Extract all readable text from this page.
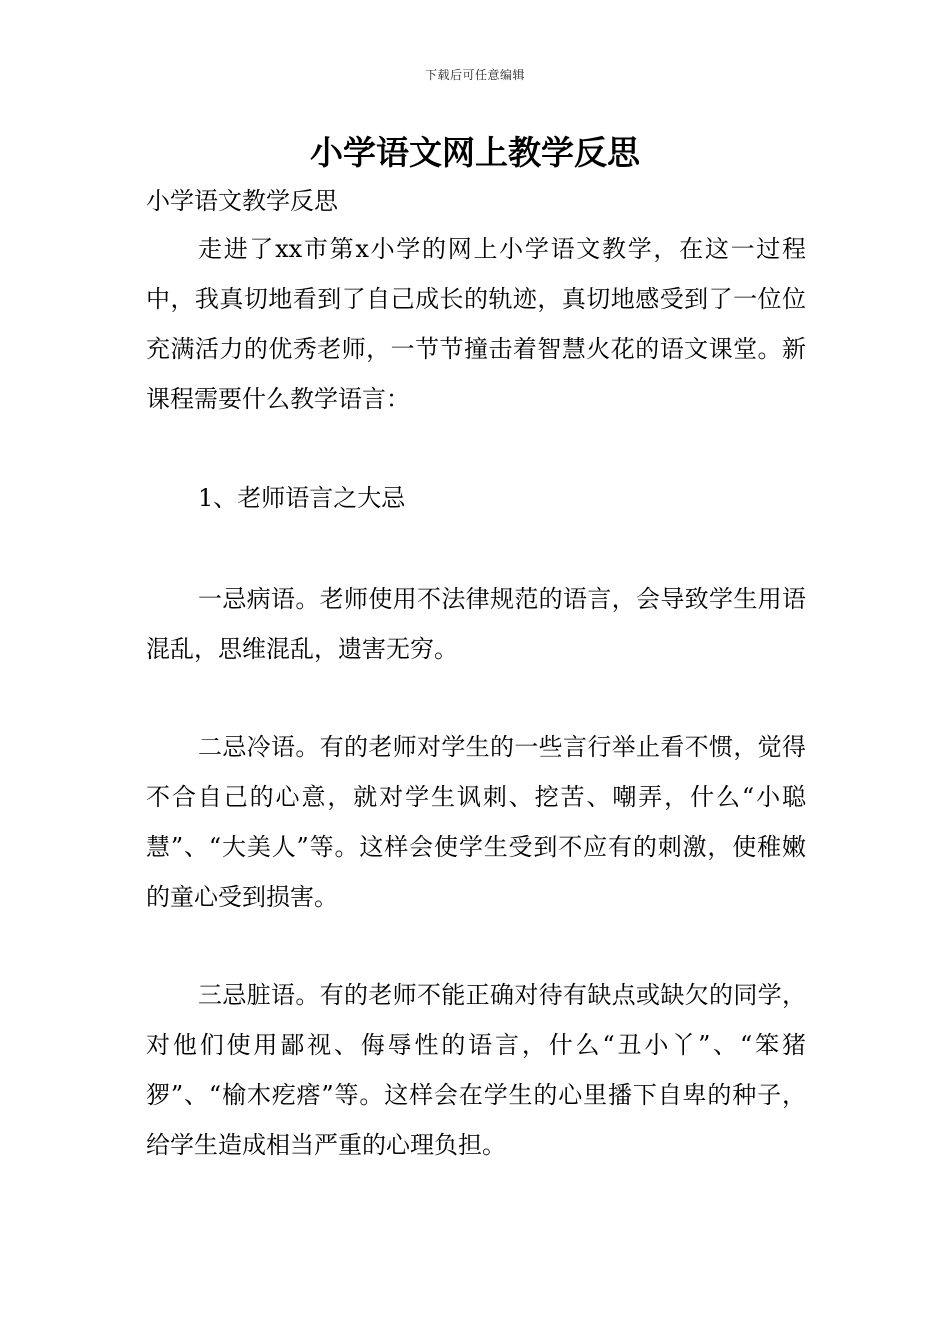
下载后可任意编辑
小学语文网上教学反思

小学语文教学反思

走进了xx市第x小学的网上小学语文教学，在这一过程中，我真切地看到了自己成长的轨迹，真切地感受到了一位位充满活力的优秀老师，一节节撞击着智慧火花的语文课堂。新课程需要什么教学语言：

1、老师语言之大忌

一忌病语。老师使用不法律规范的语言，会导致学生用语混乱，思维混乱，遗害无穷。

二忌冷语。有的老师对学生的一些言行举止看不惯，觉得不合自己的心意，就对学生讽刺、挖苦、嘲弄，什么“小聪慧”、“大美人”等。这样会使学生受到不应有的刺激，使稚嫩的童心受到损害。

三忌脏语。有的老师不能正确对待有缺点或缺欠的同学，对他们使用鄙视、侮辱性的语言，什么“丑小丫”、“笨猪猡”、“榆木疙瘩”等。这样会在学生的心里播下自卑的种子，给学生造成相当严重的心理负担。
